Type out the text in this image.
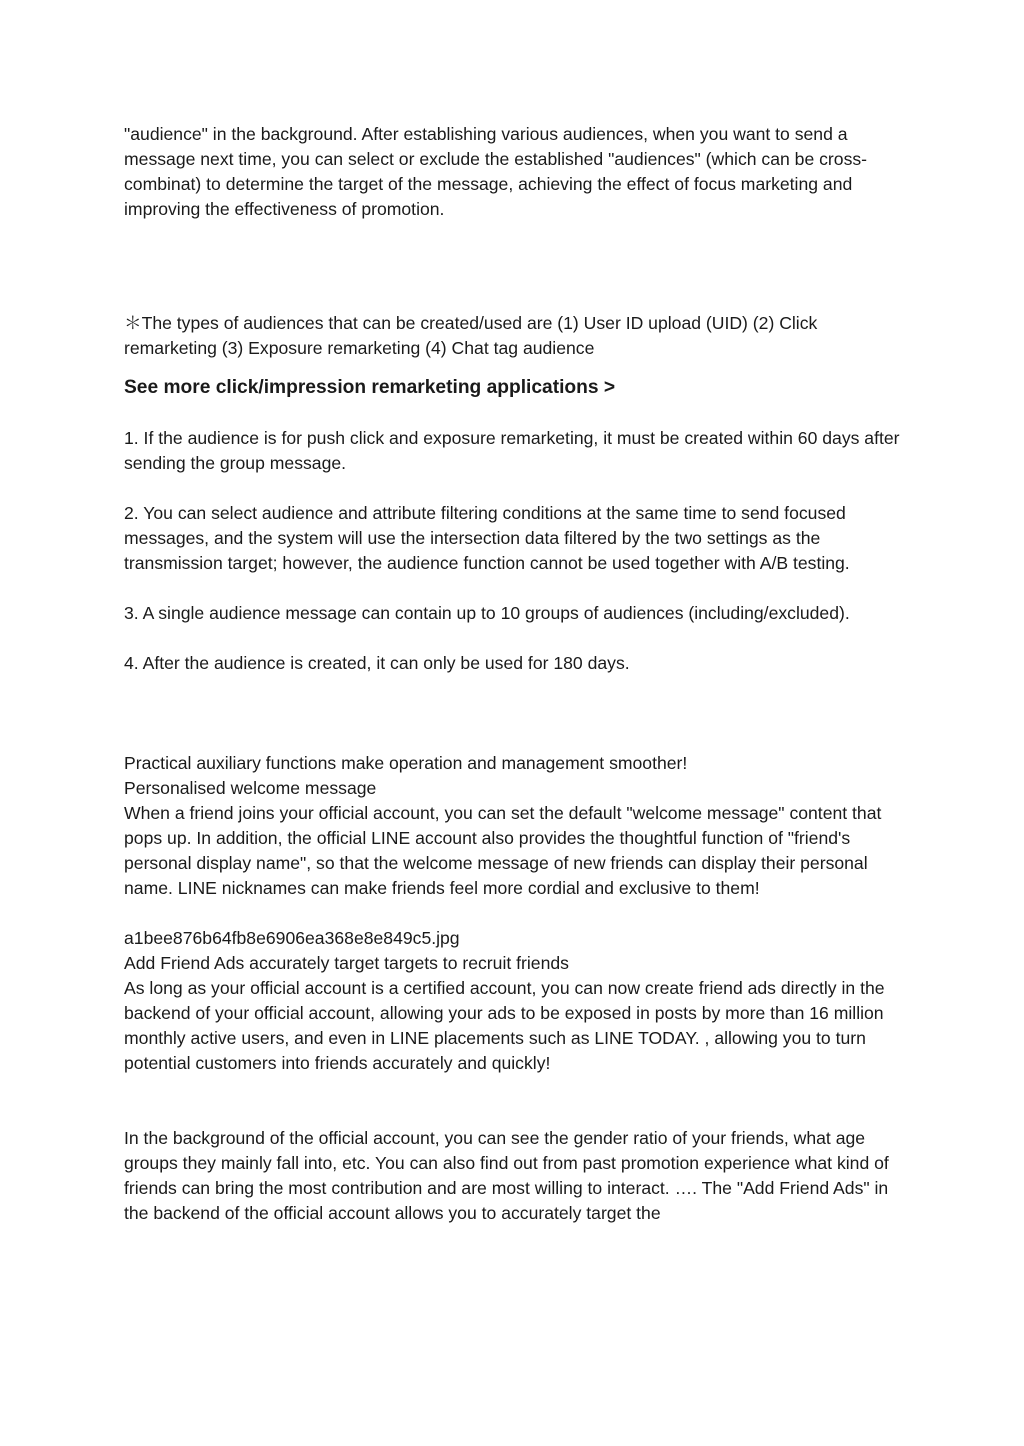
"audience" in the background. After establishing various audiences, when you want to send a message next time, you can select or exclude the established "audiences" (which can be cross-combinat) to determine the target of the message, achieving the effect of focus marketing and improving the effectiveness of promotion.

＊The types of audiences that can be created/used are (1) User ID upload (UID) (2) Click remarketing (3) Exposure remarketing (4) Chat tag audience

See more click/impression remarketing applications >

1. If the audience is for push click and exposure remarketing, it must be created within 60 days after sending the group message.

2. You can select audience and attribute filtering conditions at the same time to send focused messages, and the system will use the intersection data filtered by the two settings as the transmission target; however, the audience function cannot be used together with A/B testing.

3. A single audience message can contain up to 10 groups of audiences (including/excluded).

4. After the audience is created, it can only be used for 180 days.

Practical auxiliary functions make operation and management smoother!

Personalised welcome message

When a friend joins your official account, you can set the default "welcome message" content that pops up. In addition, the official LINE account also provides the thoughtful function of "friend's personal display name", so that the welcome message of new friends can display their personal name. LINE nicknames can make friends feel more cordial and exclusive to them!

a1bee876b64fb8e6906ea368e8e849c5.jpg

Add Friend Ads accurately target targets to recruit friends

As long as your official account is a certified account, you can now create friend ads directly in the backend of your official account, allowing your ads to be exposed in posts by more than 16 million monthly active users, and even in LINE placements such as LINE TODAY. , allowing you to turn potential customers into friends accurately and quickly!

In the background of the official account, you can see the gender ratio of your friends, what age groups they mainly fall into, etc. You can also find out from past promotion experience what kind of friends can bring the most contribution and are most willing to interact. …. The "Add Friend Ads" in the backend of the official account allows you to accurately target the
